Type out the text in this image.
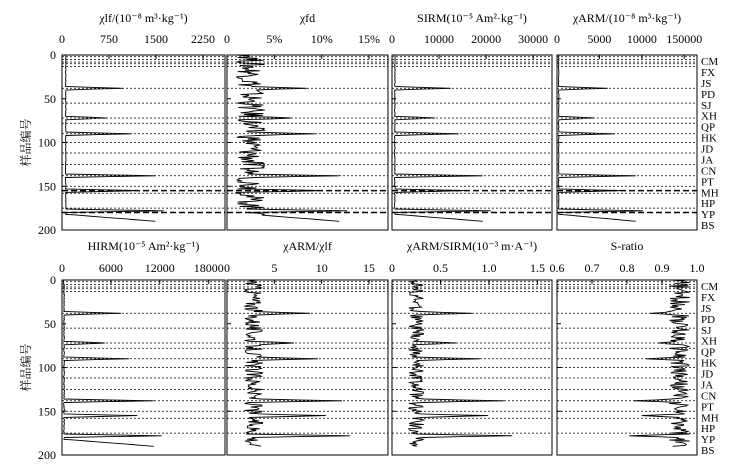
χlf/(10⁻⁸ m³·kg⁻¹)
0	750 1500 2250
0
50
100
150
200
χfd
0	5% 10% 15%
SIRM(10⁻⁵ Am²·kg⁻¹)
0 10000 20000 30000
χARM/(10⁻⁸ m³·kg⁻¹)
0 5000 10000 150000
HIRM(10⁻⁵ Am²·kg⁻¹)
0	6000 12000 18000
0
50
100
150
200
χARM/χlf
0	5	10	15
χARM/SIRM(10⁻³ m·A⁻¹)
0	0.5	1.0	1.5
S-ratio
0.6 0.7 0.8 0.9 1.0
CM
FX
JS
PD
SJ
XH
QP
HK
JD
JA
CN
PT
MH
HP
YP
BS
CM
FX
JS
PD
SJ
XH
QP
HK
JD
JA
CN
PT
MH
HP
YP
BS
样品编号
样品编号
